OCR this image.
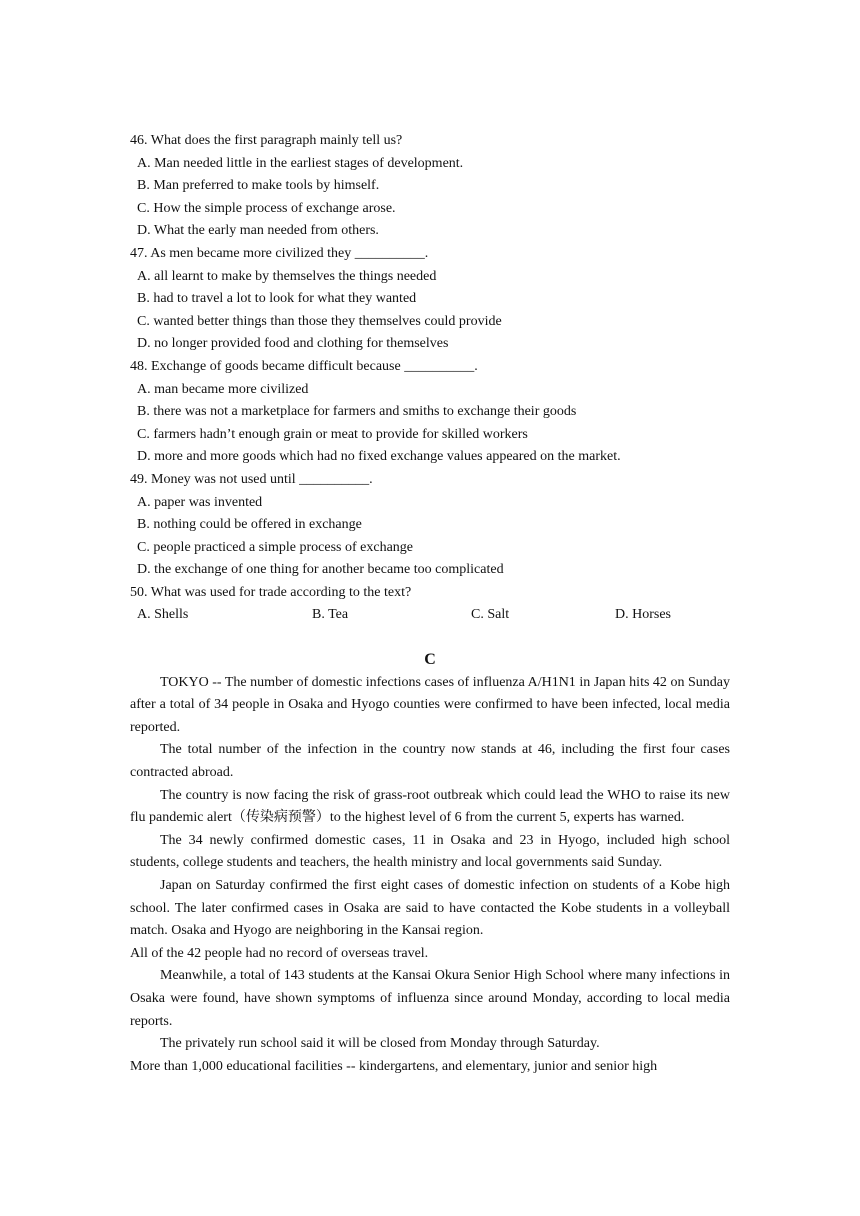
46. What does the first paragraph mainly tell us?
A. Man needed little in the earliest stages of development.
B. Man preferred to make tools by himself.
C. How the simple process of exchange arose.
D. What the early man needed from others.
47. As men became more civilized they __________.
A. all learnt to make by themselves the things needed
B. had to travel a lot to look for what they wanted
C. wanted better things than those they themselves could provide
D. no longer provided food and clothing for themselves
48. Exchange of goods became difficult because __________.
A. man became more civilized
B. there was not a marketplace for farmers and smiths to exchange their goods
C. farmers hadn’t enough grain or meat to provide for skilled workers
D. more and more goods which had no fixed exchange values appeared on the market.
49. Money was not used until __________.
A. paper was invented
B. nothing could be offered in exchange
C. people practiced a simple process of exchange
D. the exchange of one thing for another became too complicated
50. What was used for trade according to the text?
A. Shells	B. Tea	C. Salt	D. Horses
C

TOKYO -- The number of domestic infections cases of influenza A/H1N1 in Japan hits 42 on Sunday after a total of 34 people in Osaka and Hyogo counties were confirmed to have been infected, local media reported.

The total number of the infection in the country now stands at 46, including the first four cases contracted abroad.

The country is now facing the risk of grass-root outbreak which could lead the WHO to raise its new flu pandemic alert（传染病预警）to the highest level of 6 from the current 5, experts has warned.

The 34 newly confirmed domestic cases, 11 in Osaka and 23 in Hyogo, included high school students, college students and teachers, the health ministry and local governments said Sunday.

Japan on Saturday confirmed the first eight cases of domestic infection on students of a Kobe high school. The later confirmed cases in Osaka are said to have contacted the Kobe students in a volleyball match. Osaka and Hyogo are neighboring in the Kansai region.

All of the 42 people had no record of overseas travel.

Meanwhile, a total of 143 students at the Kansai Okura Senior High School where many infections in Osaka were found, have shown symptoms of influenza since around Monday, according to local media reports.

The privately run school said it will be closed from Monday through Saturday.

More than 1,000 educational facilities -- kindergartens, and elementary, junior and senior high
